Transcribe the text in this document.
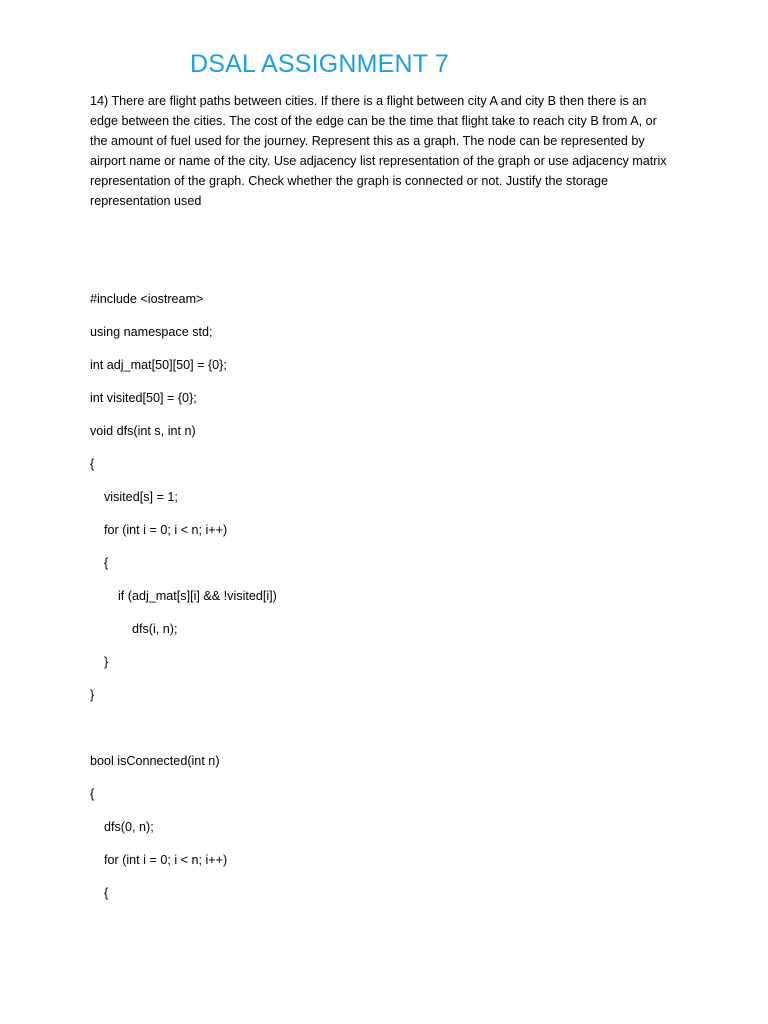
DSAL ASSIGNMENT 7
14) There are flight paths between cities. If there is a flight between city A and city B then there is an
edge between the cities. The cost of the edge can be the time that flight take to reach city B from A, or
the amount of fuel used for the journey. Represent this as a graph. The node can be represented by
airport name or name of the city. Use adjacency list representation of the graph or use adjacency matrix
representation of the graph. Check whether the graph is connected or not. Justify the storage
representation used
#include <iostream>
using namespace std;
int adj_mat[50][50] = {0};
int visited[50] = {0};
void dfs(int s, int n)
{
visited[s] = 1;
for (int i = 0; i < n; i++)
{
if (adj_mat[s][i] && !visited[i])
dfs(i, n);
}
}
bool isConnected(int n)
{
dfs(0, n);
for (int i = 0; i < n; i++)
{
